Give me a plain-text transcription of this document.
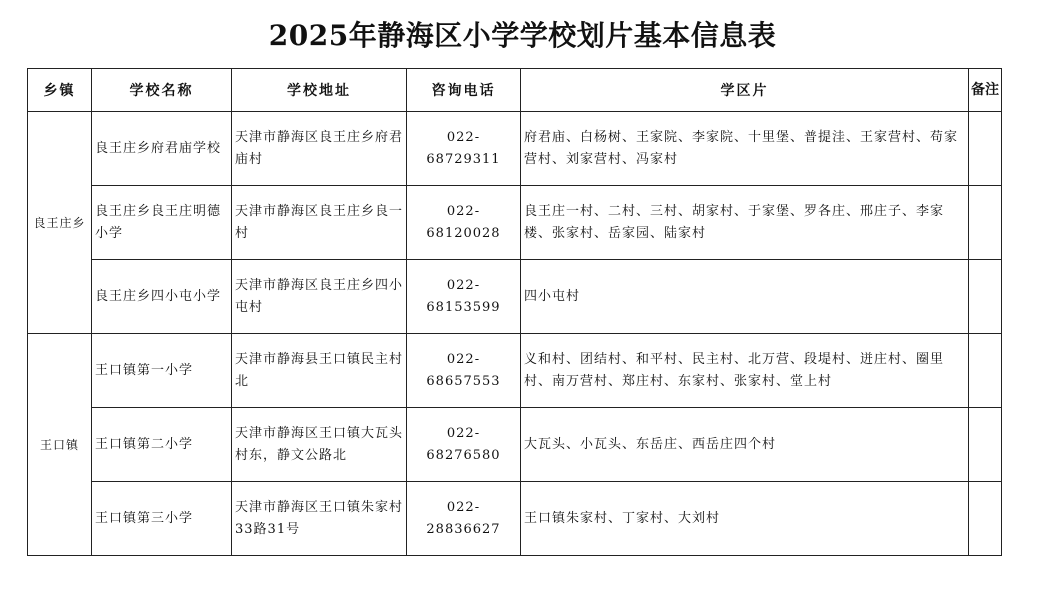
2025年静海区小学学校划片基本信息表
乡镇	学校名称	学校地址	咨询电话	学区片	备注
良王庄乡	良王庄乡府君庙学校	天津市静海区良王庄乡府君庙村	022-68729311	府君庙、白杨树、王家院、李家院、十里堡、普提洼、王家营村、苟家营村、刘家营村、冯家村	
	良王庄乡良王庄明德小学	天津市静海区良王庄乡良一村	022-68120028	良王庄一村、二村、三村、胡家村、于家堡、罗各庄、邢庄子、李家楼、张家村、岳家园、陆家村	
	良王庄乡四小屯小学	天津市静海区良王庄乡四小屯村	022-68153599	四小屯村	
王口镇	王口镇第一小学	天津市静海县王口镇民主村北	022-68657553	义和村、团结村、和平村、民主村、北万营、段堤村、迸庄村、圈里村、南万营村、郑庄村、东家村、张家村、堂上村	
	王口镇第二小学	天津市静海区王口镇大瓦头村东，静文公路北	022-68276580	大瓦头、小瓦头、东岳庄、西岳庄四个村	
	王口镇第三小学	天津市静海区王口镇朱家村33路31号	022-28836627	王口镇朱家村、丁家村、大刘村	
